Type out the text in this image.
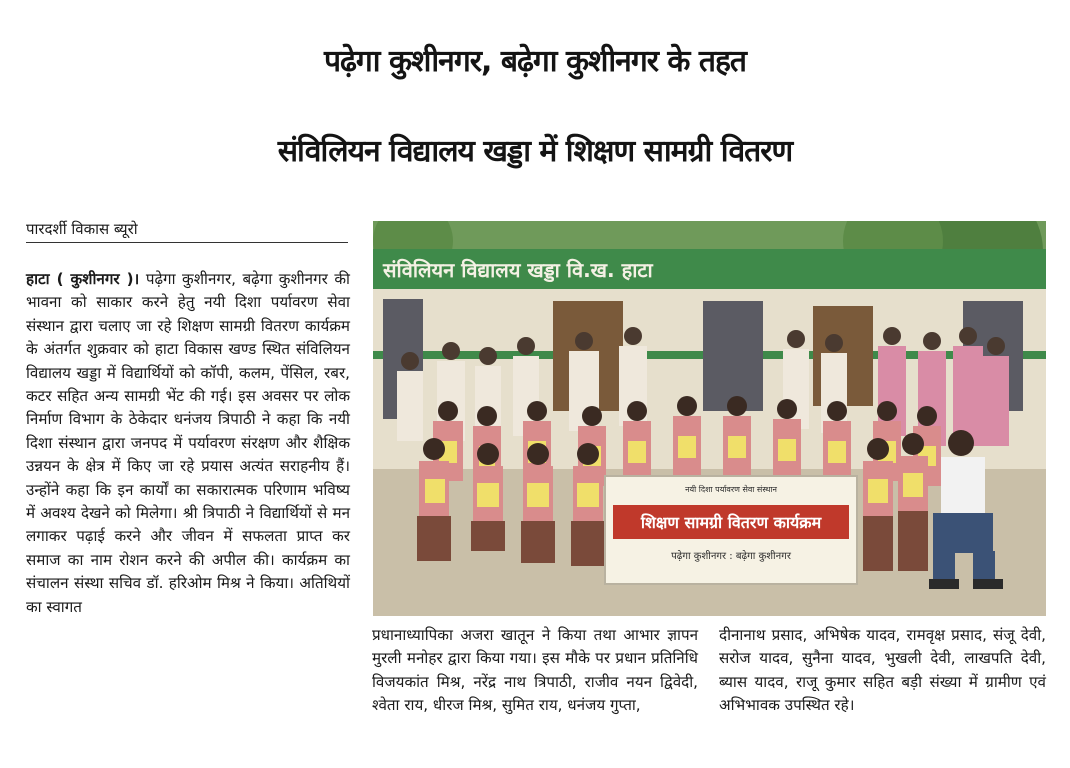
पढ़ेगा कुशीनगर, बढ़ेगा कुशीनगर के तहत
संविलियन विद्यालय खड्डा में शिक्षण सामग्री वितरण
पारदर्शी विकास ब्यूरो

हाटा ( कुशीनगर )। पढ़ेगा कुशीनगर, बढ़ेगा कुशीनगर की भावना को साकार करने हेतु नयी दिशा पर्यावरण सेवा संस्थान द्वारा चलाए जा रहे शिक्षण सामग्री वितरण कार्यक्रम के अंतर्गत शुक्रवार को हाटा विकास खण्ड स्थित संविलियन विद्यालय खड्डा में विद्यार्थियों को कॉपी, कलम, पेंसिल, रबर, कटर सहित अन्य सामग्री भेंट की गई। इस अवसर पर लोक निर्माण विभाग के ठेकेदार धनंजय त्रिपाठी ने कहा कि नयी दिशा संस्थान द्वारा जनपद में पर्यावरण संरक्षण और शैक्षिक उन्नयन के क्षेत्र में किए जा रहे प्रयास अत्यंत सराहनीय हैं। उन्होंने कहा कि इन कार्यों का सकारात्मक परिणाम भविष्य में अवश्य देखने को मिलेगा। श्री त्रिपाठी ने विद्यार्थियों से मन लगाकर पढ़ाई करने और जीवन में सफलता प्राप्त कर समाज का नाम रोशन करने की अपील की। कार्यक्रम का संचालन संस्था सचिव डॉ. हरिओम मिश्र ने किया। अतिथियों का स्वागत

संविलियन विद्यालय खड्डा वि.ख. हाटा
नयी दिशा पर्यावरण सेवा संस्थान
शिक्षण सामग्री वितरण कार्यक्रम
पढ़ेगा कुशीनगर : बढ़ेगा कुशीनगर

प्रधानाध्यापिका अजरा खातून ने किया तथा आभार ज्ञापन मुरली मनोहर द्वारा किया गया। इस मौके पर प्रधान प्रतिनिधि विजयकांत मिश्र, नरेंद्र नाथ त्रिपाठी, राजीव नयन द्विवेदी, श्वेता राय, धीरज मिश्र, सुमित राय, धनंजय गुप्ता,

दीनानाथ प्रसाद, अभिषेक यादव, रामवृक्ष प्रसाद, संजू देवी, सरोज यादव, सुनैना यादव, भुखली देवी, लाखपति देवी, ब्यास यादव, राजू कुमार सहित बड़ी संख्या में ग्रामीण एवं अभिभावक उपस्थित रहे।
